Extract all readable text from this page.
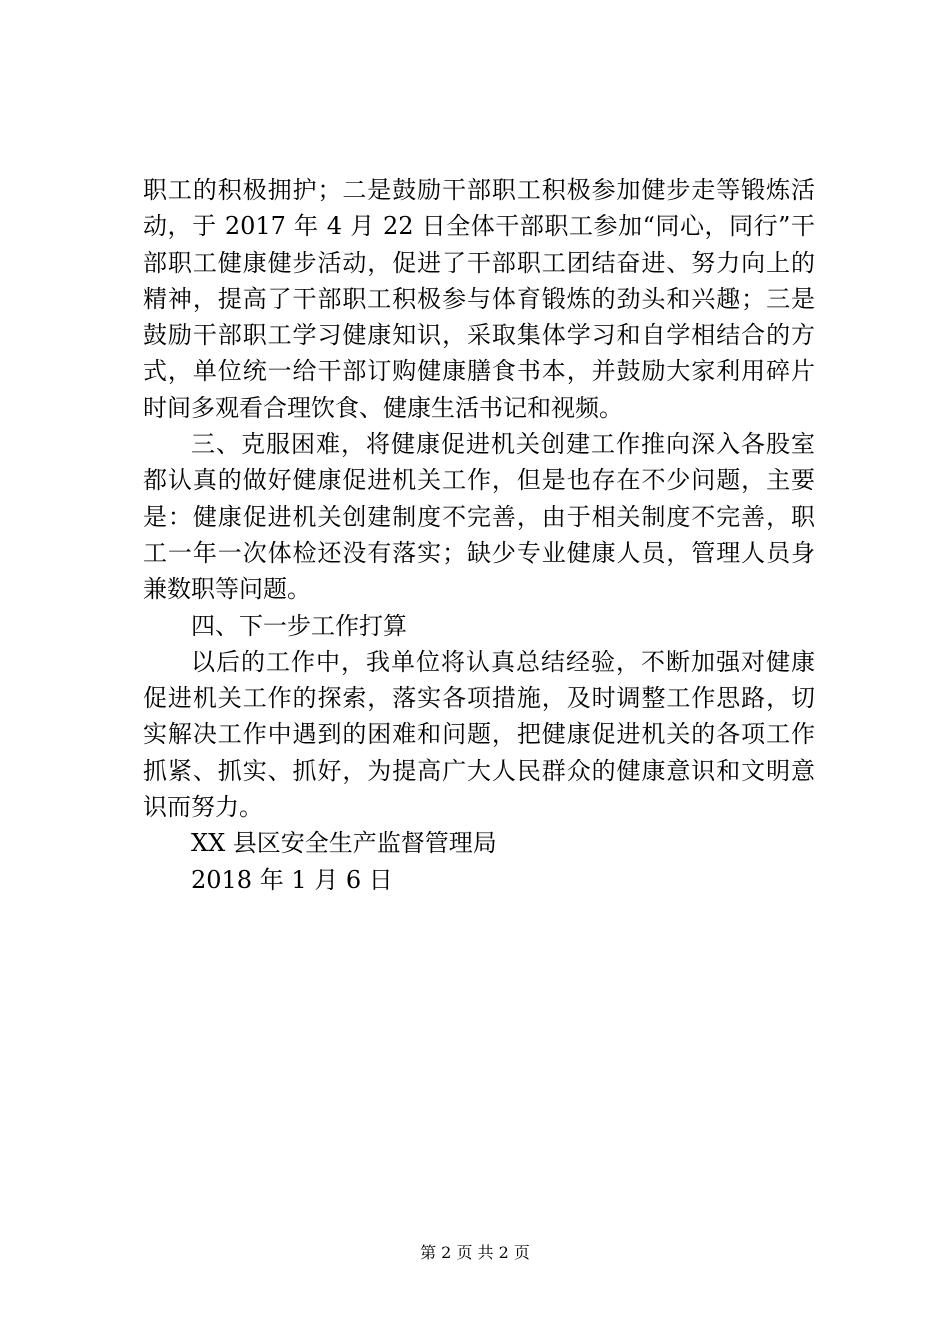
职工的积极拥护；二是鼓励干部职工积极参加健步走等锻炼活
动，于 2017 年 4 月 22 日全体干部职工参加“同心，同行”干
部职工健康健步活动，促进了干部职工团结奋进、努力向上的
精神，提高了干部职工积极参与体育锻炼的劲头和兴趣；三是
鼓励干部职工学习健康知识，采取集体学习和自学相结合的方
式，单位统一给干部订购健康膳食书本，并鼓励大家利用碎片
时间多观看合理饮食、健康生活书记和视频。
三、克服困难，将健康促进机关创建工作推向深入各股室
都认真的做好健康促进机关工作，但是也存在不少问题，主要
是：健康促进机关创建制度不完善，由于相关制度不完善，职
工一年一次体检还没有落实；缺少专业健康人员，管理人员身
兼数职等问题。
四、下一步工作打算
以后的工作中，我单位将认真总结经验，不断加强对健康
促进机关工作的探索，落实各项措施，及时调整工作思路，切
实解决工作中遇到的困难和问题，把健康促进机关的各项工作
抓紧、抓实、抓好，为提高广大人民群众的健康意识和文明意
识而努力。
XX 县区安全生产监督管理局
2018 年 1 月 6 日
第 2 页 共 2 页
